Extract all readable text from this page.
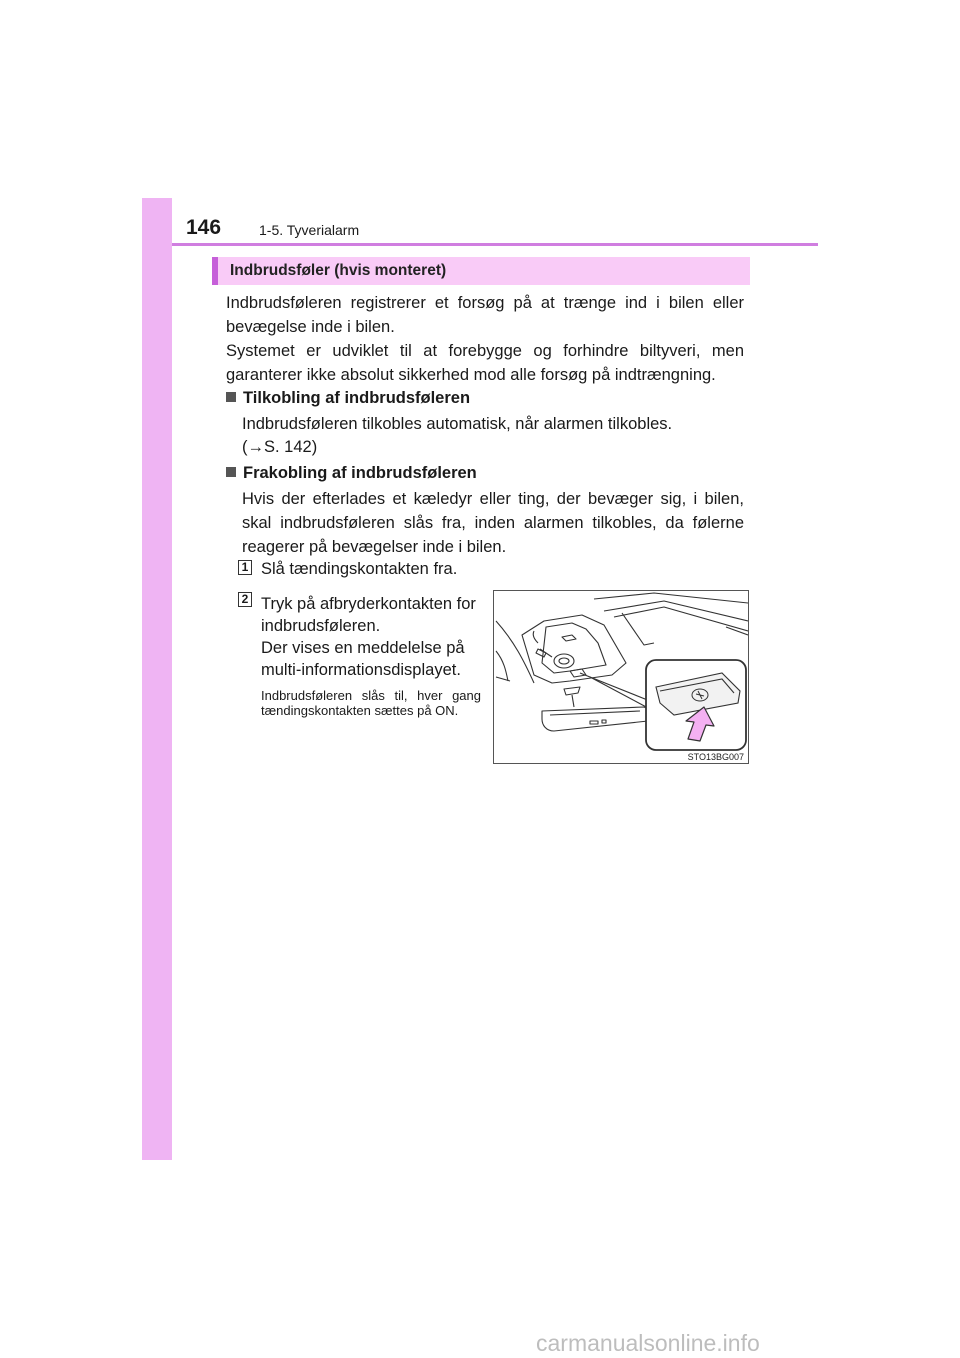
146	1-5. Tyverialarm
Indbrudsføler (hvis monteret)

Indbrudsføleren registrerer et forsøg på at trænge ind i bilen eller bevægelse inde i bilen.

Systemet er udviklet til at forebygge og forhindre biltyveri, men garanterer ikke absolut sikkerhed mod alle forsøg på indtrængning.

Tilkobling af indbrudsføleren

Indbrudsføleren tilkobles automatisk, når alarmen tilkobles.

(→S. 142)
Frakobling af indbrudsføleren

Hvis der efterlades et kæledyr eller ting, der bevæger sig, i bilen, skal indbrudsføleren slås fra, inden alarmen tilkobles, da følerne reagerer på bevægelser inde i bilen.

1 Slå tændingskontakten fra.
2 Tryk på afbryderkontakten for
indbrudsføleren.
Der vises en meddelelse på
multi-informationsdisplayet.
Indbrudsføleren slås til, hver gang tændingskontakten sættes på ON.
STO13BG007
carmanualsonline.info
